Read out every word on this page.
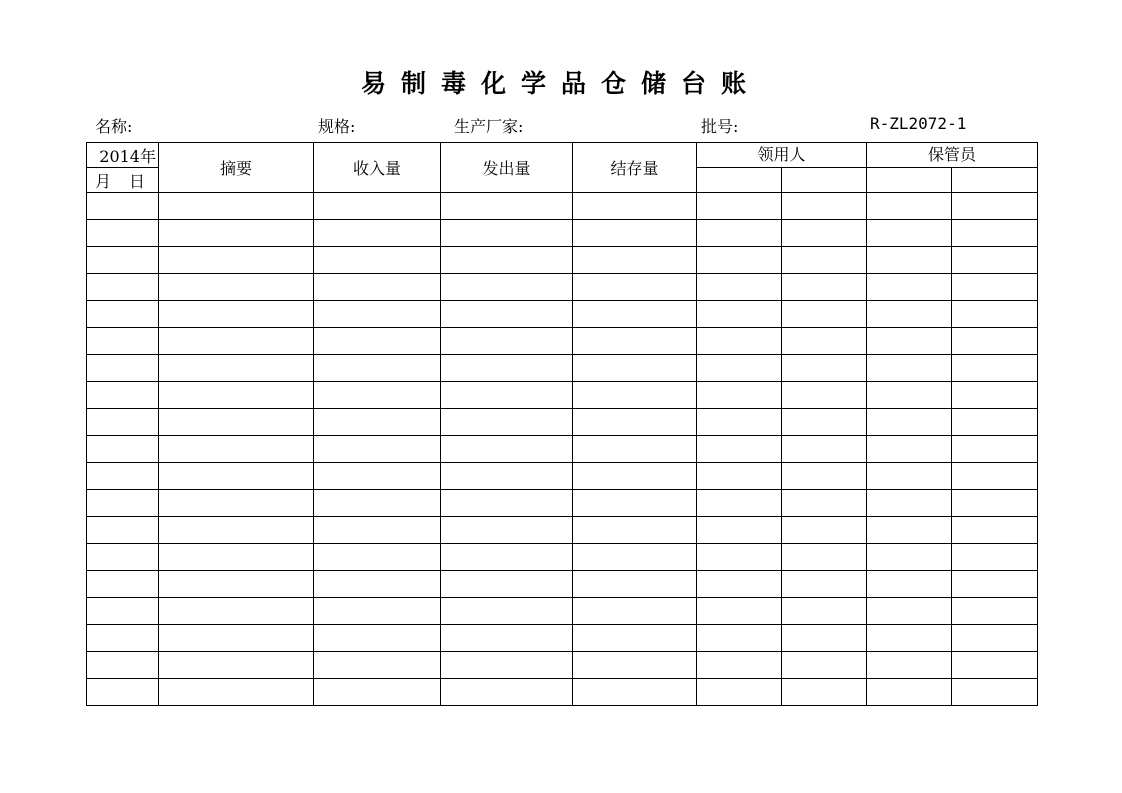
易制毒化学品仓储台账
名称:	规格:	生产厂家:	批号:	R-ZL2072-1
2014年	摘要	收入量	发出量	结存量	领用人		保管员	
月 日								
